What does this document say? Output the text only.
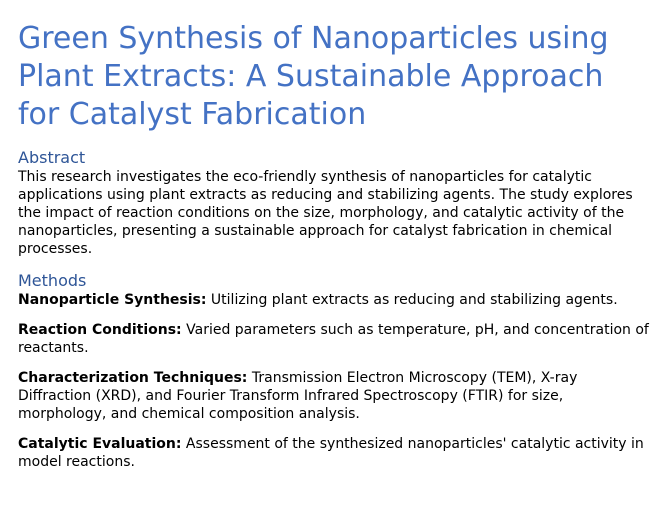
Green Synthesis of Nanoparticles using Plant Extracts: A Sustainable Approach for Catalyst Fabrication
Abstract

This research investigates the eco-friendly synthesis of nanoparticles for catalytic applications using plant extracts as reducing and stabilizing agents. The study explores the impact of reaction conditions on the size, morphology, and catalytic activity of the nanoparticles, presenting a sustainable approach for catalyst fabrication in chemical processes.

Methods

Nanoparticle Synthesis: Utilizing plant extracts as reducing and stabilizing agents.

Reaction Conditions: Varied parameters such as temperature, pH, and concentration of reactants.

Characterization Techniques: Transmission Electron Microscopy (TEM), X-ray Diffraction (XRD), and Fourier Transform Infrared Spectroscopy (FTIR) for size, morphology, and chemical composition analysis.

Catalytic Evaluation: Assessment of the synthesized nanoparticles' catalytic activity in model reactions.
